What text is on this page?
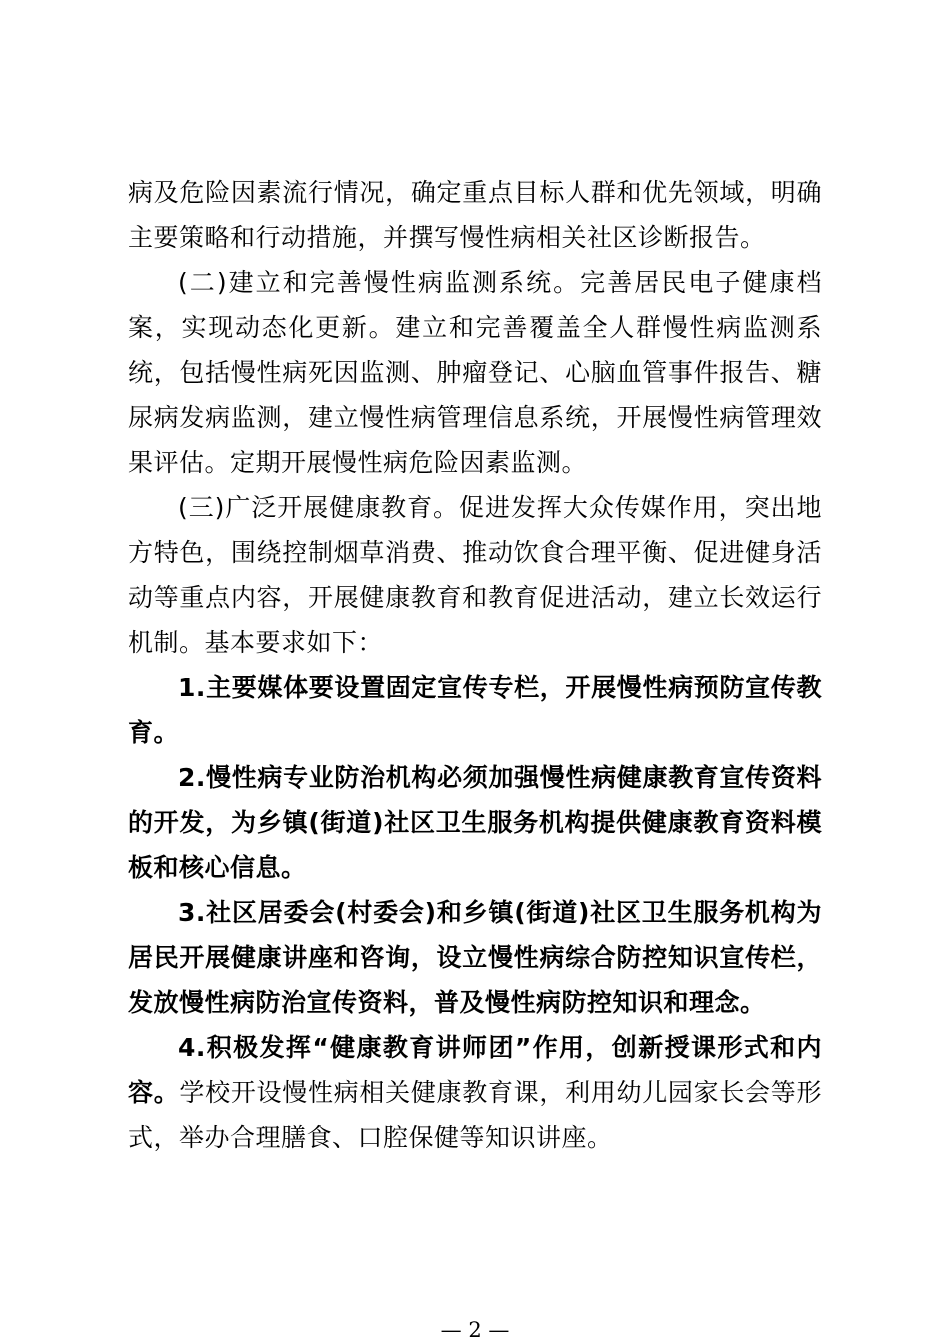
病及危险因素流行情况，确定重点目标人群和优先领域，明确主要策略和行动措施，并撰写慢性病相关社区诊断报告。

(二)建立和完善慢性病监测系统。完善居民电子健康档案，实现动态化更新。建立和完善覆盖全人群慢性病监测系统，包括慢性病死因监测、肿瘤登记、心脑血管事件报告、糖尿病发病监测，建立慢性病管理信息系统，开展慢性病管理效果评估。定期开展慢性病危险因素监测。

(三)广泛开展健康教育。促进发挥大众传媒作用，突出地方特色，围绕控制烟草消费、推动饮食合理平衡、促进健身活动等重点内容，开展健康教育和教育促进活动，建立长效运行机制。基本要求如下：

1.主要媒体要设置固定宣传专栏，开展慢性病预防宣传教育。

2.慢性病专业防治机构必须加强慢性病健康教育宣传资料的开发，为乡镇(街道)社区卫生服务机构提供健康教育资料模板和核心信息。

3.社区居委会(村委会)和乡镇(街道)社区卫生服务机构为居民开展健康讲座和咨询，设立慢性病综合防控知识宣传栏，发放慢性病防治宣传资料，普及慢性病防控知识和理念。

4.积极发挥“健康教育讲师团”作用，创新授课形式和内容。学校开设慢性病相关健康教育课，利用幼儿园家长会等形式，举办合理膳食、口腔保健等知识讲座。

— 2 —
